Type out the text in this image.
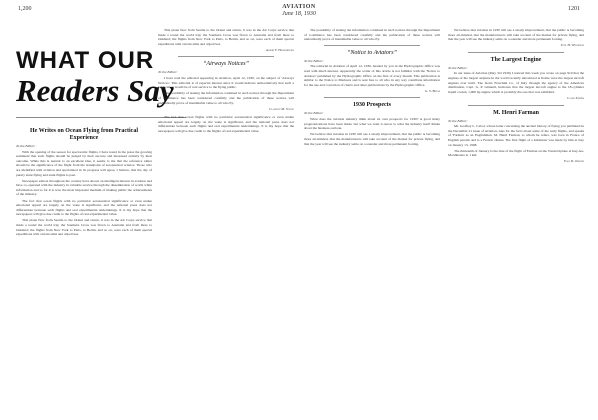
1,200	AVIATION
June 18, 1930
1201
WHAT OUR
Readers Say
He Writes on Ocean Flying from Practical Experience
To the Editor:

With the opening of the season for spectacular flights, I have noted in the press the growing sentiment that such flights should be judged by their success and measured entirely by their outcome. While this is natural to an excellent idea, it seems to me that the reference rather should be the significance of the flight from the standpoint of aeronautical science. Those who are identified with aviation and specialized in its progress will agree, I believe, that the day of purely stunt flying and stunt flights is past.

Newspaper editors throughout the country have shown an intelligent interest in aviation and have co-operated with the industry in valuable service through the dissemination of worth while information and so far it is now the most important medium of making public the achievements of the industry.

The fact that ocean flights with no particular aeronautical significance or even undue emotional appeal are largely on the wane is significant, and the national press does not differentiate between such flights and real experimental undertakings. It is my hope that the newspapers will give due credit to the flights of real experimental value.

This plane flew from Seattle to the Orient and return, it was in the Air Corps service that made a round the world trip; the Southern Cross was flown to Australia and from there to Oakland; the flights from New York to Paris, to Berlin, and so on, were each of them special expeditions with certain aims and objectives.

This plane flew from Seattle to the Orient and return, it was in the Air Corps service that made a round the world trip; the Southern Cross was flown to Australia and from there to Oakland; the flights from New York to Paris, to Berlin, and so on, were each of them special expeditions with certain aims and objectives.

Albert F. Hegenberger
“Airways Notices”
To the Editor:

I have read the editorial appearing in Aviation, April 12, 1930, on the subject of 'Airways Notices.' This editorial is of especial interest since it would indicate authoritatively that such a publication would be of real service to the flying public.

The possibility of issuing the information contained in such notices through the Department of Commerce has been considered carefully and the publication of these notices will undoubtedly prove of inestimable value to all who fly.

Clarence M. Young

The fact that ocean flights with no particular aeronautical significance or even undue emotional appeal are largely on the wane is significant, and the national press does not differentiate between such flights and real experimental undertakings. It is my hope that the newspapers will give due credit to the flights of real experimental value.

The possibility of issuing the information contained in such notices through the Department of Commerce has been considered carefully and the publication of these notices will undoubtedly prove of inestimable value to all who fly.

“Notice to Aviators”
To the Editor:

The editorial in Aviation of April 12, 1930, headed by you in the Hydrographic Office was read with much interest. Apparently the writer of this article is not familiar with the 'Notice to Aviators' published by the Hydrographic Office on the first of every month. This publication is similar to the Notice to Mariners and is sent free to all who in any way contribute information for the use and correction of charts and other publications by the Hydrographic Office.

G. S. Bryan
1930 Prospects
To the Editor:

What does the aviation industry think about its own prospects for 1930? A good many prognostications have been made, but what we want to know is what the industry itself thinks about the business outlook.

We believe that aviation in 1930 will see a steady improvement, that the public is becoming more air-minded, that the manufacturers will take account of the market for private flying, and that the year will see the industry settle on a sounder and more permanent footing.

We believe that aviation in 1930 will see a steady improvement, that the public is becoming more air-minded, that the manufacturers will take account of the market for private flying, and that the year will see the industry settle on a sounder and more permanent footing.

Paul H. Wilkinson
The Largest Engine
To the Editor:

In our issue of Aviation (May 3rd 1930) I noticed this week you wrote on page 910 that the engines of the largest airplane in the world recently introduced at Rome were the largest aircraft engines ever built. The Isotta Fraschini Co. of Italy through the agency of the American distribution, Capt. G. P. Ginnetti, indicates that the largest aircraft engine is the 18-cylinder liquid cooled, 1,000 hp engine which is probably the one that was exhibited.

Caleb Jenkins
M. Henri Farman
To the Editor:

Mr. Godfrey L. Cabot, whose letter concerning the ancient history of flying you published in the December 21 issue of Aviation, asks for the facts about some of the early flights, and speaks of 'Farman' as an Englishman. M. Henri Farman, to whom he refers, was born in France of English parents and is a French citizen. The first flight of a kilometer was made by him at Issy on January 13, 1908.

The thirteenth of January is the date of the flight of Farman on the Voisin biplane at Issy-les-Moulineaux at 1 km.

Earl D. Osborn
